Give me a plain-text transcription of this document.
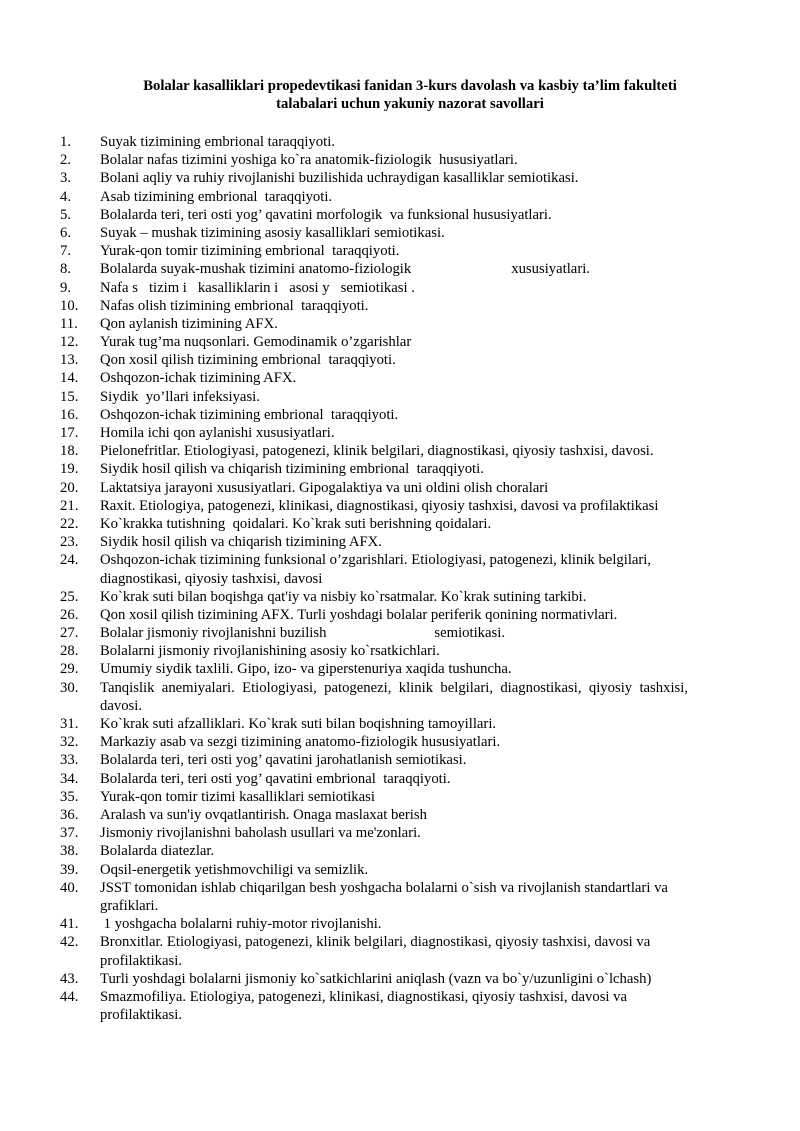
Bolalar kasalliklari propedevtikasi fanidan 3-kurs davolash va kasbiy ta’lim fakulteti

talabalari uchun yakuniy nazorat savollari

1.	Suyak tizimining embrional taraqqiyoti.
2.	Bolalar nafas tizimini yoshiga ko`ra anatomik-fiziologik  hususiyatlari.
3.	Bolani aqliy va ruhiy rivojlanishi buzilishida uchraydigan kasalliklar semiotikasi.
4.	Asab tizimining embrional  taraqqiyoti.
5.	Bolalarda teri, teri osti yog’ qavatini morfologik  va funksional hususiyatlari.
6.	Suyak – mushak tizimining asosiy kasalliklari semiotikasi.
7.	Yurak-qon tomir tizimining embrional  taraqqiyoti.
8.	Bolalarda suyak-mushak tizimini anatomo-fiziologik	xususiyatlari.
9.	Nafa s   tizim i   kasalliklarin i   asosi y   semiotikasi .
10.	Nafas olish tizimining embrional  taraqqiyoti.
11.	Qon aylanish tizimining AFX.
12.	Yurak tug’ma nuqsonlari. Gemodinamik o’zgarishlar
13.	Qon xosil qilish tizimining embrional  taraqqiyoti.
14.	Oshqozon-ichak tizimining AFX.
15.	Siydik  yo’llari infeksiyasi.
16.	Oshqozon-ichak tizimining embrional  taraqqiyoti.
17.	Homila ichi qon aylanishi xususiyatlari.
18.	Pielonefritlar. Etiologiyasi, patogenezi, klinik belgilari, diagnostikasi, qiyosiy tashxisi, davosi.
19.	Siydik hosil qilish va chiqarish tizimining embrional  taraqqiyoti.
20.	Laktatsiya jarayoni xususiyatlari. Gipogalaktiya va uni oldini olish choralari
21.	Raxit. Etiologiya, patogenezi, klinikasi, diagnostikasi, qiyosiy tashxisi, davosi va profilaktikasi
22.	Ko`krakka tutishning  qoidalari. Ko`krak suti berishning qoidalari.
23.	Siydik hosil qilish va chiqarish tizimining AFX.
24.	Oshqozon-ichak tizimining funksional o’zgarishlari. Etiologiyasi, patogenezi, klinik belgilari,
diagnostikasi, qiyosiy tashxisi, davosi
25.	Ko`krak suti bilan boqishga qat'iy va nisbiy ko`rsatmalar. Ko`krak sutining tarkibi.
26.	Qon xosil qilish tizimining AFX. Turli yoshdagi bolalar periferik qonining normativlari.
27.	Bolalar jismoniy rivojlanishni buzilish	semiotikasi.
28.	Bolalarni jismoniy rivojlanishining asosiy ko`rsatkichlari.
29.	Umumiy siydik taxlili. Gipo, izo- va giperstenuriya xaqida tushuncha.
30.	Tanqislik  anemiyalari.  Etiologiyasi,  patogenezi,  klinik  belgilari,  diagnostikasi,  qiyosiy  tashxisi,
davosi.
31.	Ko`krak suti afzalliklari. Ko`krak suti bilan boqishning tamoyillari.
32.	Markaziy asab va sezgi tizimining anatomo-fiziologik hususiyatlari.
33.	Bolalarda teri, teri osti yog’ qavatini jarohatlanish semiotikasi.
34.	Bolalarda teri, teri osti yog’ qavatini embrional  taraqqiyoti.
35.	Yurak-qon tomir tizimi kasalliklari semiotikasi
36.	Aralash va sun'iy ovqatlantirish. Onaga maslaxat berish
37.	Jismoniy rivojlanishni baholash usullari va me'zonlari.
38.	Bolalarda diatezlar.
39.	Oqsil-energetik yetishmovchiligi va semizlik.
40.	JSST tomonidan ishlab chiqarilgan besh yoshgacha bolalarni o`sish va rivojlanish standartlari va
grafiklari.
41.	1 yoshgacha bolalarni ruhiy-motor rivojlanishi.
42.	Bronxitlar. Etiologiyasi, patogenezi, klinik belgilari, diagnostikasi, qiyosiy tashxisi, davosi va
profilaktikasi.
43.	Turli yoshdagi bolalarni jismoniy ko`satkichlarini aniqlash (vazn va bo`y/uzunligini o`lchash)
44.	Smazmofiliya. Etiologiya, patogenezi, klinikasi, diagnostikasi, qiyosiy tashxisi, davosi va
profilaktikasi.
